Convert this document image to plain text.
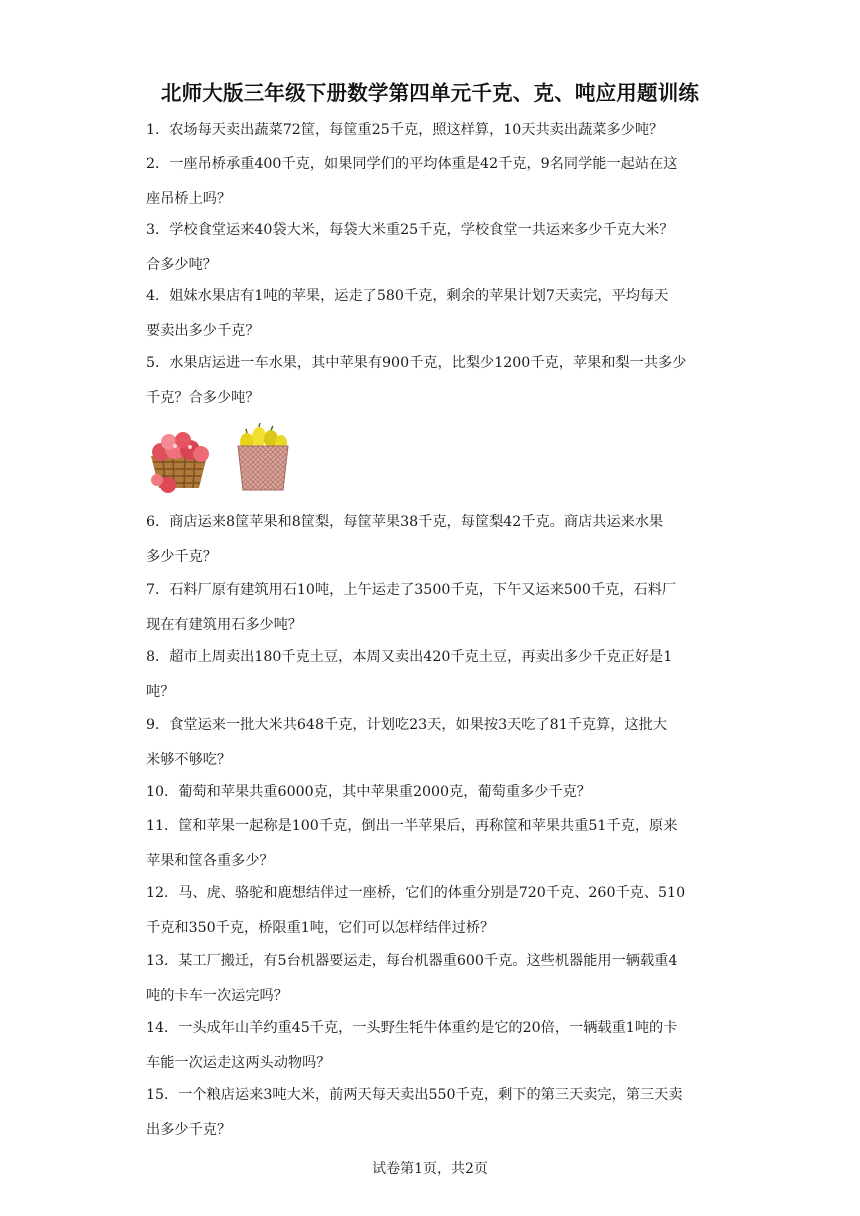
北师大版三年级下册数学第四单元千克、克、吨应用题训练
1．农场每天卖出蔬菜72筐，每筐重25千克，照这样算，10天共卖出蔬菜多少吨？
2．一座吊桥承重400千克，如果同学们的平均体重是42千克，9名同学能一起站在这
座吊桥上吗？
3．学校食堂运来40袋大米，每袋大米重25千克，学校食堂一共运来多少千克大米？
合多少吨？
4．姐妹水果店有1吨的苹果，运走了580千克，剩余的苹果计划7天卖完，平均每天
要卖出多少千克？
5．水果店运进一车水果，其中苹果有900千克，比梨少1200千克，苹果和梨一共多少
千克？合多少吨？
6．商店运来8筐苹果和8筐梨，每筐苹果38千克，每筐梨42千克。商店共运来水果
多少千克？
7．石料厂原有建筑用石10吨，上午运走了3500千克，下午又运来500千克，石料厂
现在有建筑用石多少吨？
8．超市上周卖出180千克土豆，本周又卖出420千克土豆，再卖出多少千克正好是1
吨？
9．食堂运来一批大米共648千克，计划吃23天，如果按3天吃了81千克算，这批大
米够不够吃？
10．葡萄和苹果共重6000克，其中苹果重2000克，葡萄重多少千克？
11．筐和苹果一起称是100千克，倒出一半苹果后，再称筐和苹果共重51千克，原来
苹果和筐各重多少？
12．马、虎、骆驼和鹿想结伴过一座桥，它们的体重分别是720千克、260千克、510
千克和350千克，桥限重1吨，它们可以怎样结伴过桥？
13．某工厂搬迁，有5台机器要运走，每台机器重600千克。这些机器能用一辆载重4
吨的卡车一次运完吗？
14．一头成年山羊约重45千克，一头野生牦牛体重约是它的20倍，一辆载重1吨的卡
车能一次运走这两头动物吗？
15．一个粮店运来3吨大米，前两天每天卖出550千克，剩下的第三天卖完，第三天卖
出多少千克？
试卷第1页，共2页
